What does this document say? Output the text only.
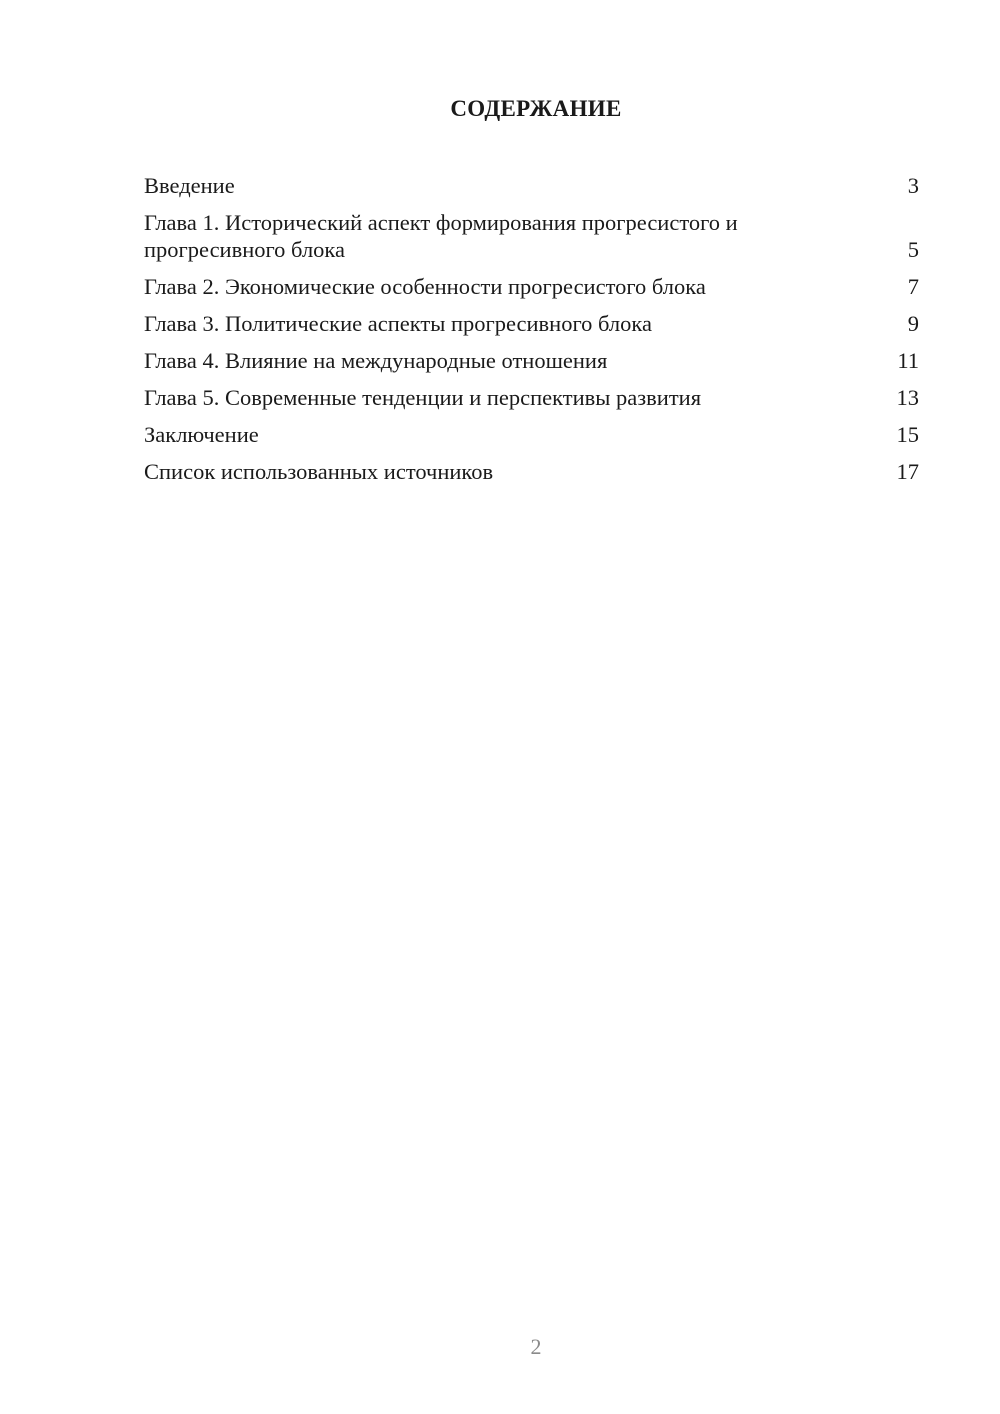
СОДЕРЖАНИЕ
Введение	3
Глава 1. Исторический аспект формирования прогресистого и прогресивного блока	5
Глава 2. Экономические особенности прогресистого блока	7
Глава 3. Политические аспекты прогресивного блока	9
Глава 4. Влияние на международные отношения	11
Глава 5. Современные тенденции и перспективы развития	13
Заключение	15
Список использованных источников	17
2
